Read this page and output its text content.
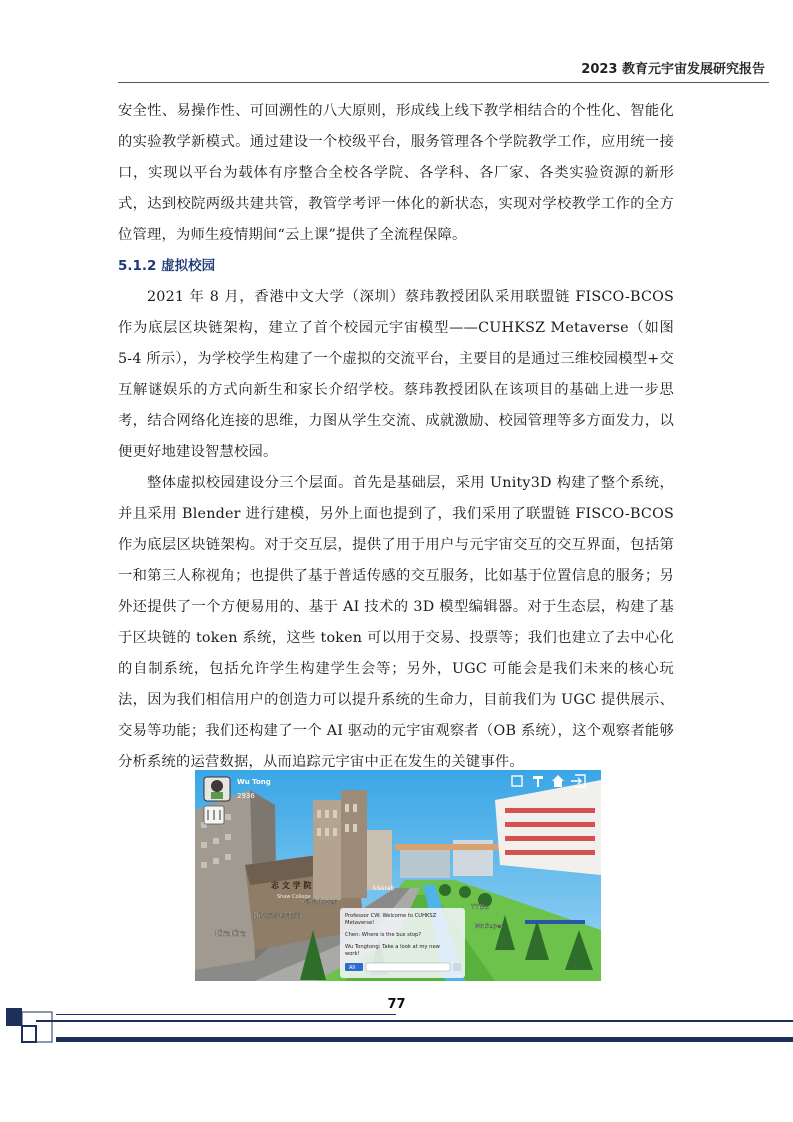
2023 教育元宇宙发展研究报告

安全性、易操作性、可回溯性的八大原则，形成线上线下教学相结合的个性化、智能化的实验教学新模式。通过建设一个校级平台，服务管理各个学院教学工作，应用统一接口，实现以平台为载体有序整合全校各学院、各学科、各厂家、各类实验资源的新形式，达到校院两级共建共管，教管学考评一体化的新状态，实现对学校教学工作的全方位管理，为师生疫情期间“云上课”提供了全流程保障。

5.1.2 虚拟校园

2021 年 8 月，香港中文大学（深圳）蔡玮教授团队采用联盟链 FISCO-BCOS 作为底层区块链架构，建立了首个校园元宇宙模型——CUHKSZ Metaverse（如图 5-4 所示），为学校学生构建了一个虚拟的交流平台，主要目的是通过三维校园模型+交互解谜娱乐的方式向新生和家长介绍学校。蔡玮教授团队在该项目的基础上进一步思考，结合网络化连接的思维，力图从学生交流、成就激励、校园管理等多方面发力，以便更好地建设智慧校园。

整体虚拟校园建设分三个层面。首先是基础层，采用 Unity3D 构建了整个系统，并且采用 Blender 进行建模，另外上面也提到了，我们采用了联盟链 FISCO-BCOS 作为底层区块链架构。对于交互层，提供了用于用户与元宇宙交互的交互界面，包括第一和第三人称视角；也提供了基于普适传感的交互服务，比如基于位置信息的服务；另外还提供了一个方便易用的、基于 AI 技术的 3D 模型编辑器。对于生态层，构建了基于区块链的 token 系统，这些 token 可以用于交易、投票等；我们也建立了去中心化的自制系统，包括允许学生构建学生会等；另外，UGC 可能会是我们未来的核心玩法，因为我们相信用户的创造力可以提升系统的生命力，目前我们为 UGC 提供展示、交易等功能；我们还构建了一个 AI 驱动的元宇宙观察者（OB 系统），这个观察者能够分析系统的运营数据，从而追踪元宇宙中正在发生的关键事件。

Wu Tong
2936
志 文 学 院
Shaw College
KiraKira
DiscreteMath
GPA lover
kissrab
YYDs
Mr.Super
Professor CW: Welcome to CUHKSZ
Metaverse!
Chen: Where is the bus stop?
Wu Tongtong: Take a look at my new
work!
All
77
